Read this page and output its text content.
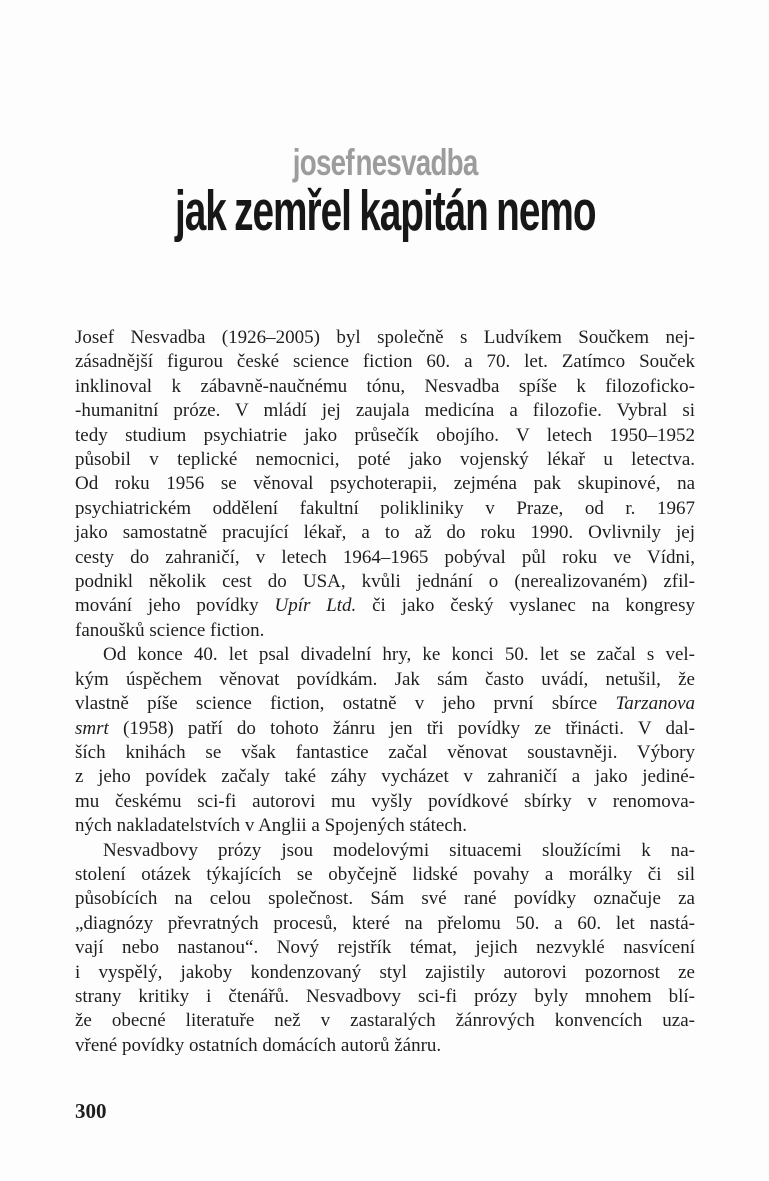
josef nesvadba
jak zemřel kapitán nemo
Josef Nesvadba (1926–2005) byl společně s Ludvíkem Součkem nej-
zásadnější figurou české science fiction 60. a 70. let. Zatímco Souček
inklinoval k zábavně-naučnému tónu, Nesvadba spíše k filozoficko-
-humanitní próze. V mládí jej zaujala medicína a filozofie. Vybral si
tedy studium psychiatrie jako průsečík obojího. V letech 1950–1952
působil v teplické nemocnici, poté jako vojenský lékař u letectva.
Od roku 1956 se věnoval psychoterapii, zejména pak skupinové, na
psychiatrickém oddělení fakultní polikliniky v Praze, od r. 1967
jako samostatně pracující lékař, a to až do roku 1990. Ovlivnily jej
cesty do zahraničí, v letech 1964–1965 pobýval půl roku ve Vídni,
podnikl několik cest do USA, kvůli jednání o (nerealizovaném) zfil-
mování jeho povídky Upír Ltd. či jako český vyslanec na kongresy
fanoušků science fiction.
Od konce 40. let psal divadelní hry, ke konci 50. let se začal s vel-
kým úspěchem věnovat povídkám. Jak sám často uvádí, netušil, že
vlastně píše science fiction, ostatně v jeho první sbírce Tarzanova
smrt (1958) patří do tohoto žánru jen tři povídky ze třinácti. V dal-
ších knihách se však fantastice začal věnovat soustavněji. Výbory
z jeho povídek začaly také záhy vycházet v zahraničí a jako jediné-
mu českému sci-fi autorovi mu vyšly povídkové sbírky v renomova-
ných nakladatelstvích v Anglii a Spojených státech.
Nesvadbovy prózy jsou modelovými situacemi sloužícími k na-
stolení otázek týkajících se obyčejně lidské povahy a morálky či sil
působících na celou společnost. Sám své rané povídky označuje za
„diagnózy převratných procesů, které na přelomu 50. a 60. let nastá-
vají nebo nastanou“. Nový rejstřík témat, jejich nezvyklé nasvícení
i vyspělý, jakoby kondenzovaný styl zajistily autorovi pozornost ze
strany kritiky i čtenářů. Nesvadbovy sci-fi prózy byly mnohem blí-
že obecné literatuře než v zastaralých žánrových konvencích uza-
vřené povídky ostatních domácích autorů žánru.
300
